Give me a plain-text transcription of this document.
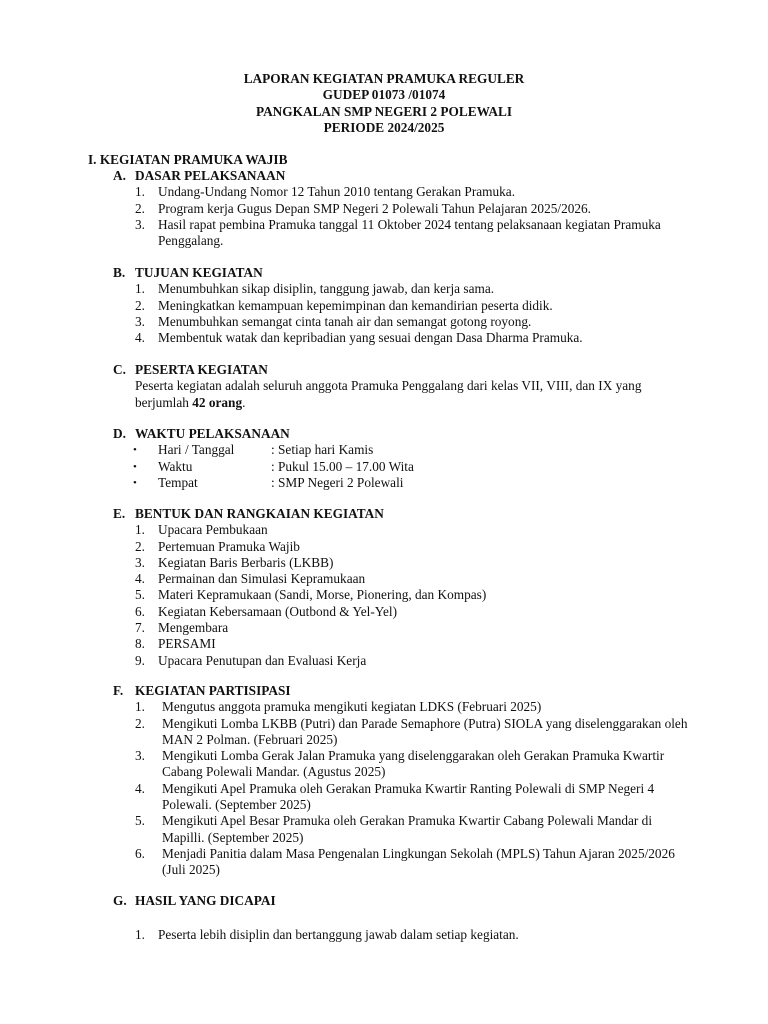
LAPORAN KEGIATAN PRAMUKA REGULER
GUDEP 01073 /01074
PANGKALAN SMP NEGERI 2 POLEWALI
PERIODE 2024/2025
I. KEGIATAN PRAMUKA WAJIB
A. DASAR PELAKSANAAN
1. Undang-Undang Nomor 12 Tahun 2010 tentang Gerakan Pramuka.
2. Program kerja Gugus Depan SMP Negeri 2 Polewali Tahun Pelajaran 2025/2026.
3. Hasil rapat pembina Pramuka tanggal 11 Oktober 2024 tentang pelaksanaan kegiatan Pramuka Penggalang.
B. TUJUAN KEGIATAN
1. Menumbuhkan sikap disiplin, tanggung jawab, dan kerja sama.
2. Meningkatkan kemampuan kepemimpinan dan kemandirian peserta didik.
3. Menumbuhkan semangat cinta tanah air dan semangat gotong royong.
4. Membentuk watak dan kepribadian yang sesuai dengan Dasa Dharma Pramuka.
C. PESERTA KEGIATAN
Peserta kegiatan adalah seluruh anggota Pramuka Penggalang dari kelas VII, VIII, dan IX yang berjumlah 42 orang.
D. WAKTU PELAKSANAAN
• Hari / Tanggal	: Setiap hari Kamis
• Waktu	: Pukul 15.00 – 17.00 Wita
• Tempat	: SMP Negeri 2 Polewali
E. BENTUK DAN RANGKAIAN KEGIATAN
1. Upacara Pembukaan
2. Pertemuan Pramuka Wajib
3. Kegiatan Baris Berbaris (LKBB)
4. Permainan dan Simulasi Kepramukaan
5. Materi Kepramukaan (Sandi, Morse, Pionering, dan Kompas)
6. Kegiatan Kebersamaan (Outbond & Yel-Yel)
7. Mengembara
8. PERSAMI
9. Upacara Penutupan dan Evaluasi Kerja
F. KEGIATAN PARTISIPASI
1. Mengutus anggota pramuka mengikuti kegiatan LDKS (Februari 2025)
2. Mengikuti Lomba LKBB (Putri) dan Parade Semaphore (Putra) SIOLA yang diselenggarakan oleh MAN 2 Polman. (Februari 2025)
3. Mengikuti Lomba Gerak Jalan Pramuka yang diselenggarakan oleh Gerakan Pramuka Kwartir Cabang Polewali Mandar. (Agustus 2025)
4. Mengikuti Apel Pramuka oleh Gerakan Pramuka Kwartir Ranting Polewali di SMP Negeri 4 Polewali. (September 2025)
5. Mengikuti Apel Besar Pramuka oleh Gerakan Pramuka Kwartir Cabang Polewali Mandar di Mapilli. (September 2025)
6. Menjadi Panitia dalam Masa Pengenalan Lingkungan Sekolah (MPLS) Tahun Ajaran 2025/2026 (Juli 2025)
G. HASIL YANG DICAPAI
1. Peserta lebih disiplin dan bertanggung jawab dalam setiap kegiatan.
